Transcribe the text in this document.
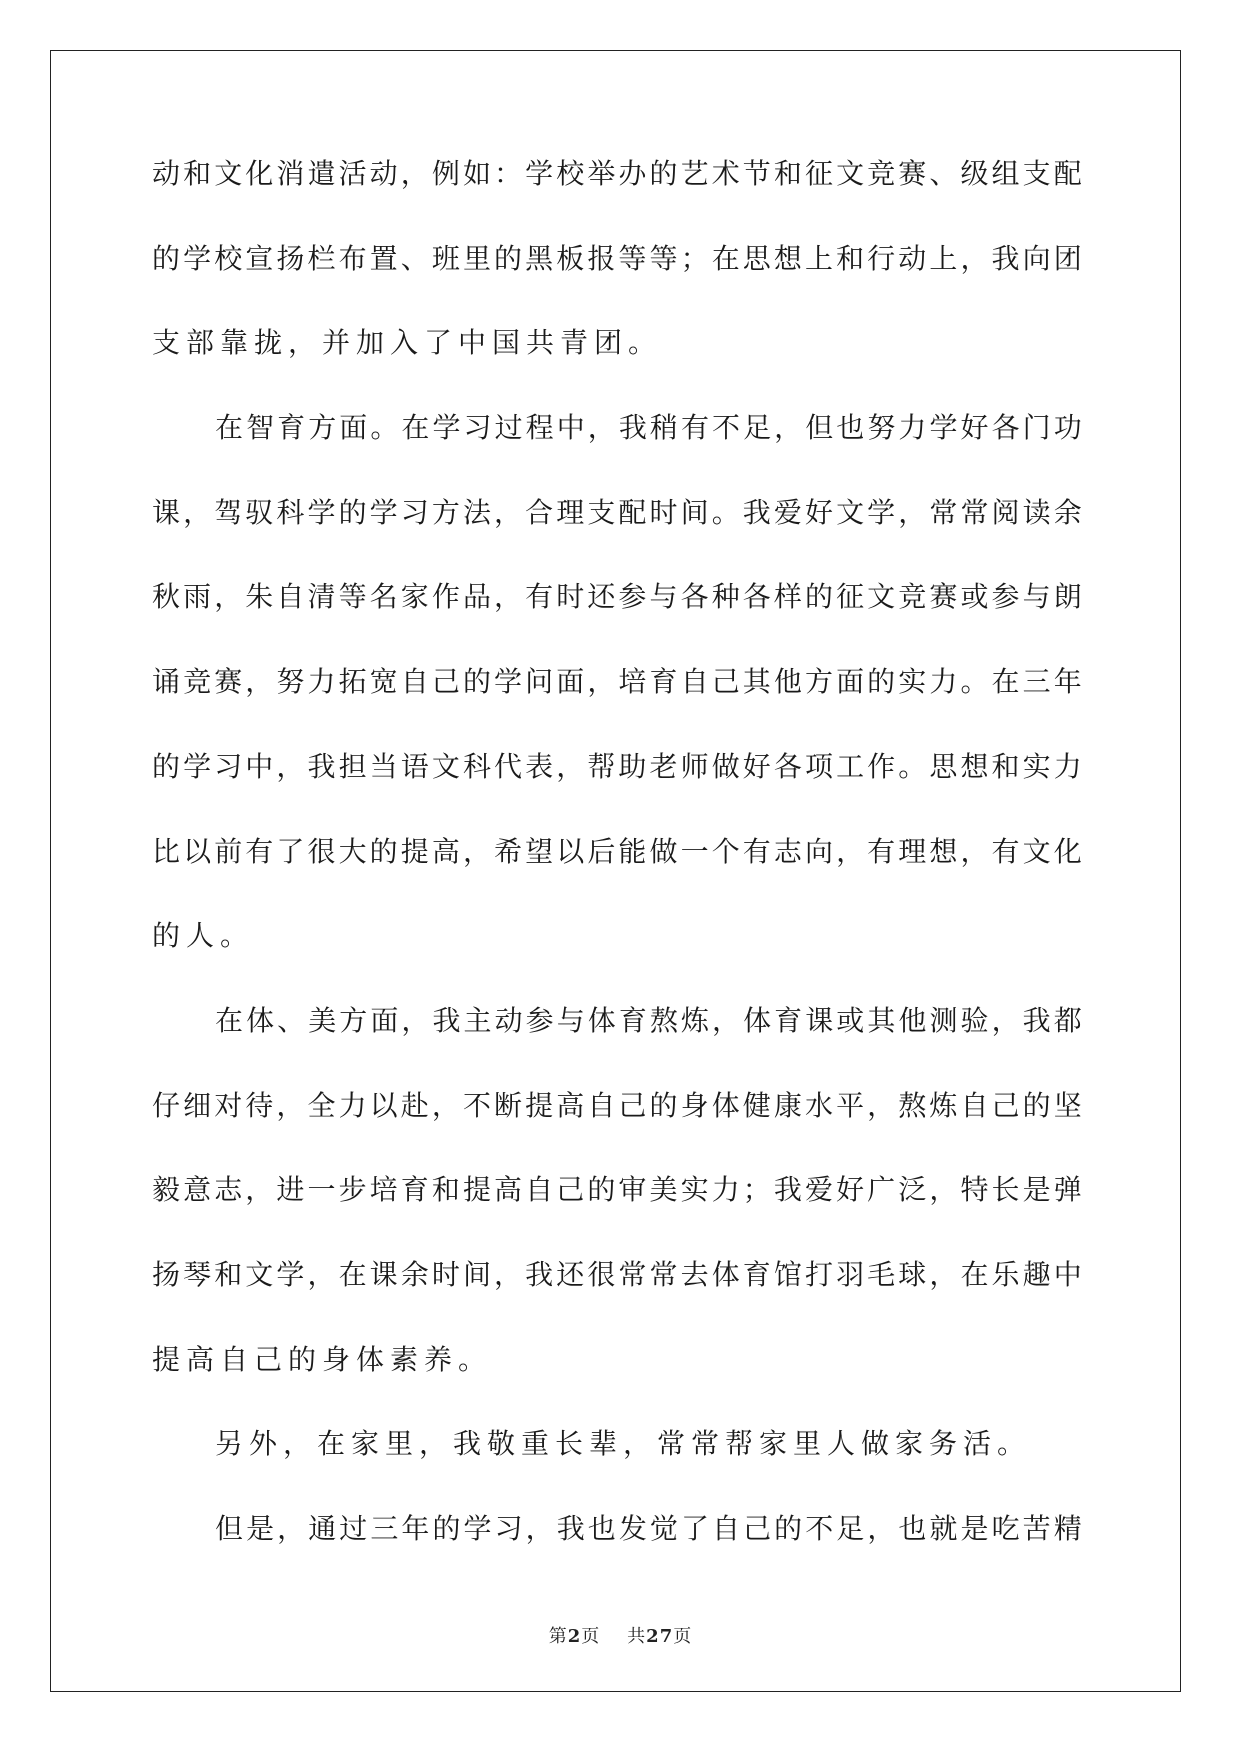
动 和 文 化 消 遣 活 动 ， 例 如 ： 学 校 举 办 的 艺 术 节 和 征 文 竞 赛 、 级 组 支 配
的 学 校 宣 扬 栏 布 置 、 班 里 的 黑 板 报 等 等 ； 在 思 想 上 和 行 动 上 ， 我 向 团
支部靠拢，并加入了中国共青团。
在 智 育 方 面 。 在 学 习 过 程 中 ， 我 稍 有 不 足 ， 但 也 努 力 学 好 各 门 功
课 ， 驾 驭 科 学 的 学 习 方 法 ， 合 理 支 配 时 间 。 我 爱 好 文 学 ， 常 常 阅 读 余
秋 雨 ， 朱 自 清 等 名 家 作 品 ， 有 时 还 参 与 各 种 各 样 的 征 文 竞 赛 或 参 与 朗
诵 竞 赛 ， 努 力 拓 宽 自 己 的 学 问 面 ， 培 育 自 己 其 他 方 面 的 实 力 。 在 三 年
的 学 习 中 ， 我 担 当 语 文 科 代 表 ， 帮 助 老 师 做 好 各 项 工 作 。 思 想 和 实 力
比 以 前 有 了 很 大 的 提 高 ， 希 望 以 后 能 做 一 个 有 志 向 ， 有 理 想 ， 有 文 化
的人。
在 体 、 美 方 面 ， 我 主 动 参 与 体 育 熬 炼 ， 体 育 课 或 其 他 测 验 ， 我 都
仔 细 对 待 ， 全 力 以 赴 ， 不 断 提 高 自 己 的 身 体 健 康 水 平 ， 熬 炼 自 己 的 坚
毅 意 志 ， 进 一 步 培 育 和 提 高 自 己 的 审 美 实 力 ； 我 爱 好 广 泛 ， 特 长 是 弹
扬 琴 和 文 学 ， 在 课 余 时 间 ， 我 还 很 常 常 去 体 育 馆 打 羽 毛 球 ， 在 乐 趣 中
提高自己的身体素养。
另外，在家里，我敬重长辈，常常帮家里人做家务活。
但 是 ， 通 过 三 年 的 学 习 ， 我 也 发 觉 了 自 己 的 不 足 ， 也 就 是 吃 苦 精
第2页 共27页
